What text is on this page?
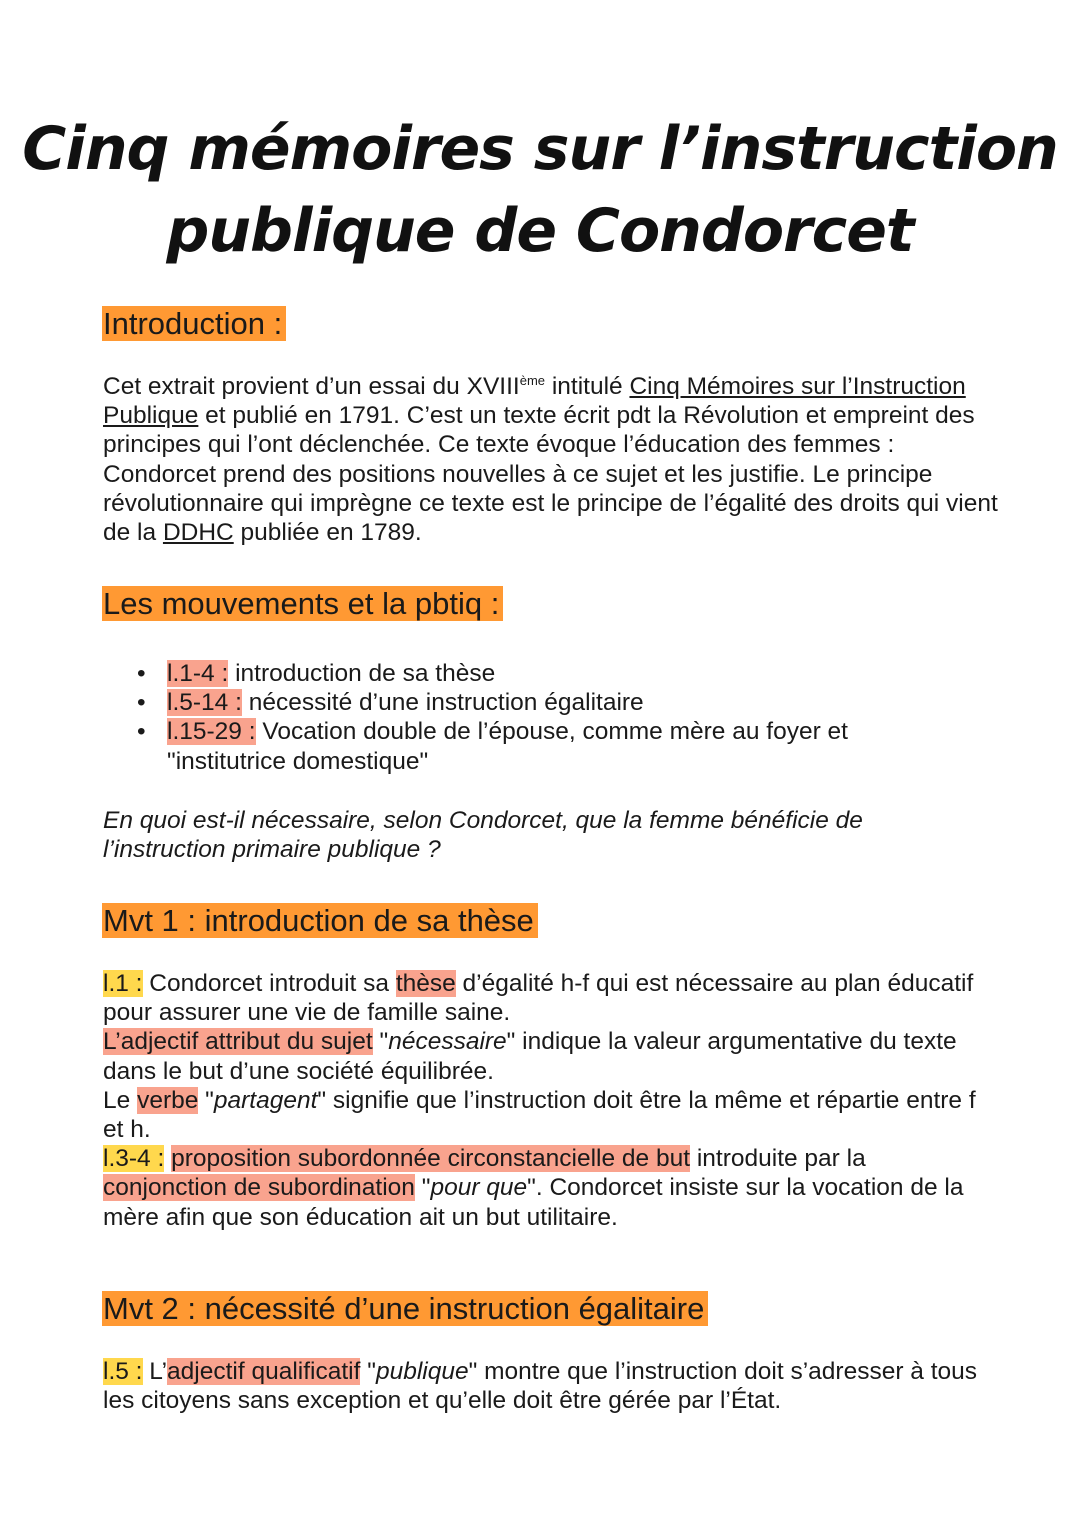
Cinq mémoires sur l’instruction
publique de Condorcet
Introduction :

Cet extrait provient d’un essai du XVIIIème intitulé Cinq Mémoires sur l’Instruction Publique et publié en 1791. C’est un texte écrit pdt la Révolution et empreint des principes qui l’ont déclenchée. Ce texte évoque l’éducation des femmes : Condorcet prend des positions nouvelles à ce sujet et les justifie. Le principe révolutionnaire qui imprègne ce texte est le principe de l’égalité des droits qui vient de la DDHC publiée en 1789.

Les mouvements et la pbtiq :
• l.1-4 : introduction de sa thèse
• l.5-14 : nécessité d’une instruction égalitaire
• l.15-29 : Vocation double de l’épouse, comme mère au foyer et "institutrice domestique"

En quoi est-il nécessaire, selon Condorcet, que la femme bénéficie de l’instruction primaire publique ?

Mvt 1 : introduction de sa thèse

l.1 : Condorcet introduit sa thèse d’égalité h-f qui est nécessaire au plan éducatif pour assurer une vie de famille saine.
L’adjectif attribut du sujet "nécessaire" indique la valeur argumentative du texte dans le but d’une société équilibrée.
Le verbe "partagent" signifie que l’instruction doit être la même et répartie entre f et h.
l.3-4 : proposition subordonnée circonstancielle de but introduite par la conjonction de subordination "pour que". Condorcet insiste sur la vocation de la mère afin que son éducation ait un but utilitaire.

Mvt 2 : nécessité d’une instruction égalitaire

l.5 : L’adjectif qualificatif "publique" montre que l’instruction doit s’adresser à tous les citoyens sans exception et qu’elle doit être gérée par l’État.
